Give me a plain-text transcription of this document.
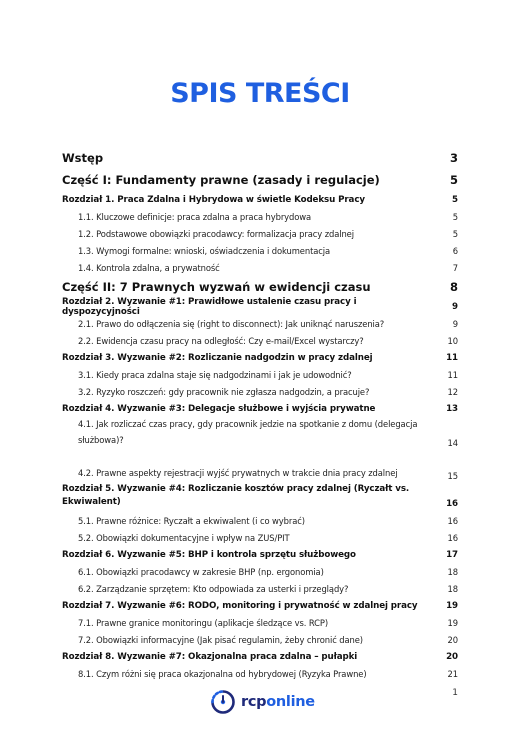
SPIS TREŚCI
Wstęp	3
Część I: Fundamenty prawne (zasady i regulacje)	5
Rozdział 1. Praca Zdalna i Hybrydowa w świetle Kodeksu Pracy	5
1.1. Kluczowe definicje: praca zdalna a praca hybrydowa	5
1.2. Podstawowe obowiązki pracodawcy: formalizacja pracy zdalnej	5
1.3. Wymogi formalne: wnioski, oświadczenia i dokumentacja	6
1.4. Kontrola zdalna, a prywatność	7
Część II: 7 Prawnych wyzwań w ewidencji czasu	8
Rozdział 2. Wyzwanie #1: Prawidłowe ustalenie czasu pracy i dyspozycyjności	9
2.1. Prawo do odłączenia się (right to disconnect): Jak uniknąć naruszenia?	9
2.2. Ewidencja czasu pracy na odległość: Czy e-mail/Excel wystarczy?	10
Rozdział 3. Wyzwanie #2: Rozliczanie nadgodzin w pracy zdalnej	11
3.1. Kiedy praca zdalna staje się nadgodzinami i jak je udowodnić?	11
3.2. Ryzyko roszczeń: gdy pracownik nie zgłasza nadgodzin, a pracuje?	12
Rozdział 4. Wyzwanie #3: Delegacje służbowe i wyjścia prywatne	13
4.1. Jak rozliczać czas pracy, gdy pracownik jedzie na spotkanie z domu (delegacja służbowa)?	14
4.2. Prawne aspekty rejestracji wyjść prywatnych w trakcie dnia pracy zdalnej	15
Rozdział 5. Wyzwanie #4: Rozliczanie kosztów pracy zdalnej (Ryczałt vs. Ekwiwalent)	16
5.1. Prawne różnice: Ryczałt a ekwiwalent (i co wybrać)	16
5.2. Obowiązki dokumentacyjne i wpływ na ZUS/PIT	16
Rozdział 6. Wyzwanie #5: BHP i kontrola sprzętu służbowego	17
6.1. Obowiązki pracodawcy w zakresie BHP (np. ergonomia)	18
6.2. Zarządzanie sprzętem: Kto odpowiada za usterki i przeglądy?	18
Rozdział 7. Wyzwanie #6: RODO, monitoring i prywatność w zdalnej pracy	19
7.1. Prawne granice monitoringu (aplikacje śledzące vs. RCP)	19
7.2. Obowiązki informacyjne (Jak pisać regulamin, żeby chronić dane)	20
Rozdział 8. Wyzwanie #7: Okazjonalna praca zdalna – pułapki	20
8.1. Czym różni się praca okazjonalna od hybrydowej (Ryzyka Prawne)	21
1
rcponline
